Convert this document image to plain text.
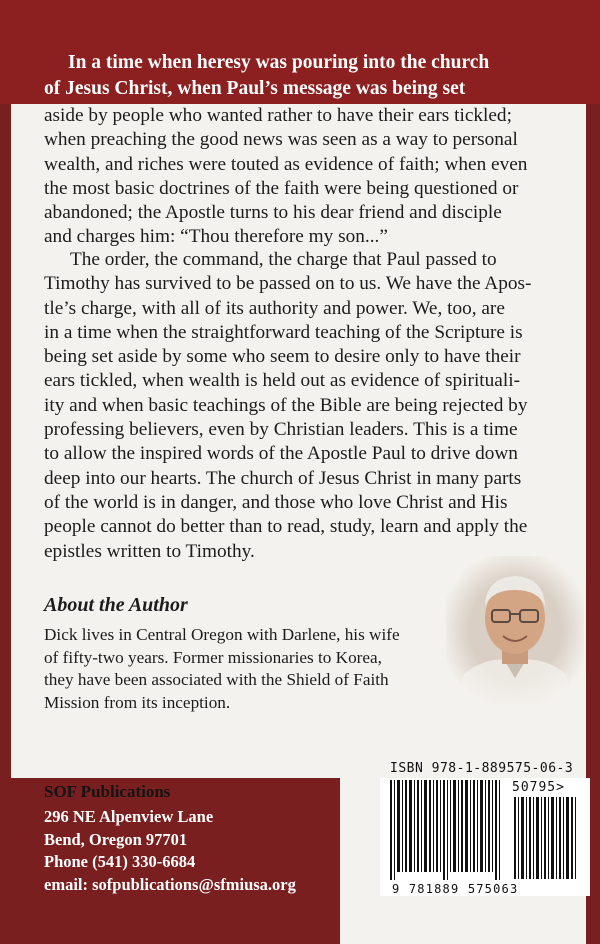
In a time when heresy was pouring into the church
of Jesus Christ, when Paul’s message was being set
aside by people who wanted rather to have their ears tickled;
when preaching the good news was seen as a way to personal
wealth, and riches were touted as evidence of faith; when even
the most basic doctrines of the faith were being questioned or
abandoned; the Apostle turns to his dear friend and disciple
and charges him: “Thou therefore my son...”
The order, the command, the charge that Paul passed to
Timothy has survived to be passed on to us. We have the Apos-
tle’s charge, with all of its authority and power. We, too, are
in a time when the straightforward teaching of the Scripture is
being set aside by some who seem to desire only to have their
ears tickled, when wealth is held out as evidence of spirituali-
ity and when basic teachings of the Bible are being rejected by
professing believers, even by Christian leaders. This is a time
to allow the inspired words of the Apostle Paul to drive down
deep into our hearts. The church of Jesus Christ in many parts
of the world is in danger, and those who love Christ and His
people cannot do better than to read, study, learn and apply the
epistles written to Timothy.
About the Author
Dick lives in Central Oregon with Darlene, his wife
of fifty-two years. Former missionaries to Korea,
they have been associated with the Shield of Faith
Mission from its inception.
SOF Publications
296 NE Alpenview Lane
Bend, Oregon 97701
Phone (541) 330-6684
email: sofpublications@sfmiusa.org
ISBN 978-1-889575-06-3
50795>
9 781889 575063
